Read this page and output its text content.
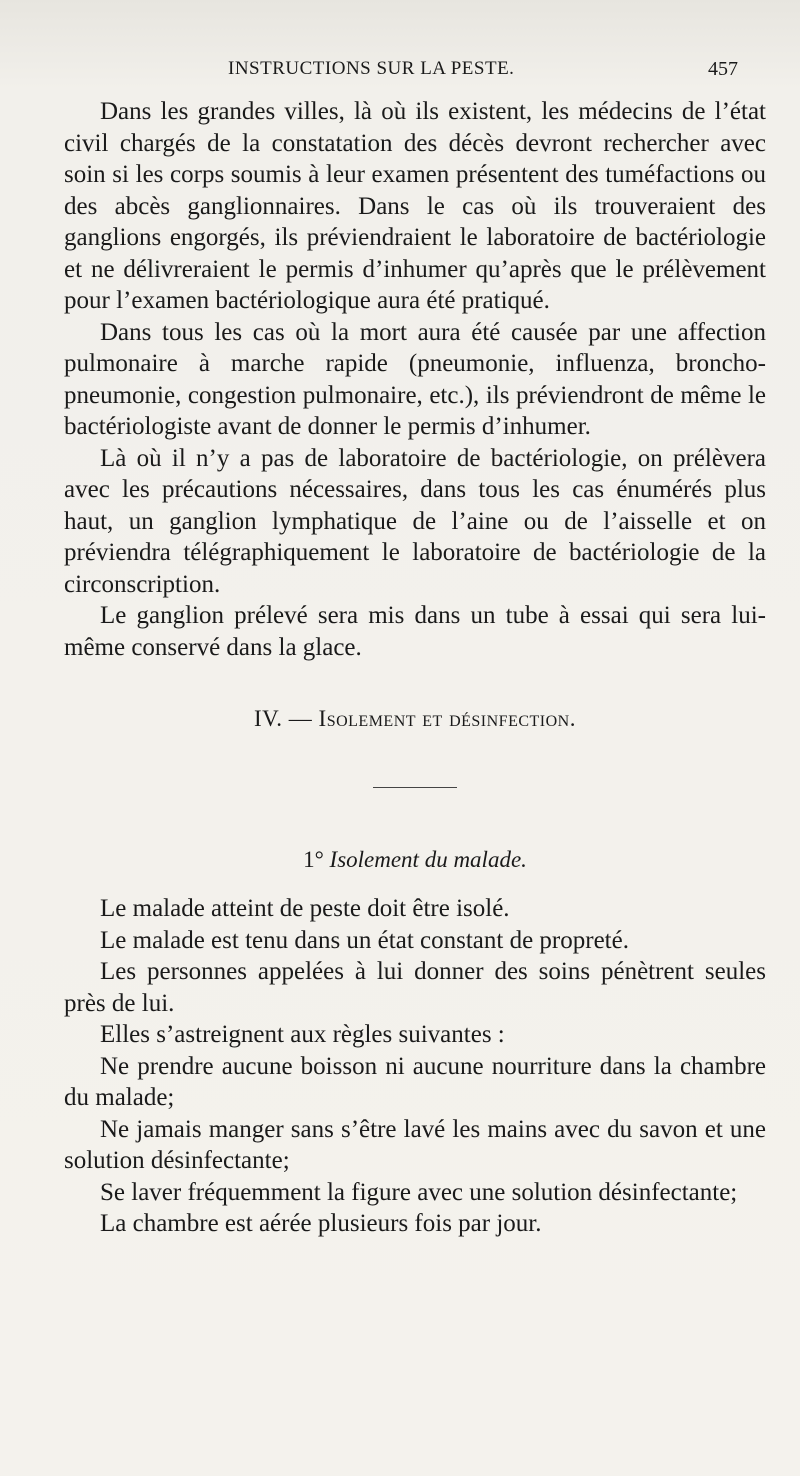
INSTRUCTIONS SUR LA PESTE.	457

Dans les grandes villes, là où ils existent, les médecins de l’état civil chargés de la constatation des décès devront rechercher avec soin si les corps soumis à leur examen présentent des tuméfactions ou des abcès ganglionnaires. Dans le cas où ils trouveraient des ganglions engorgés, ils préviendraient le laboratoire de bactériologie et ne délivreraient le permis d’inhumer qu’après que le prélèvement pour l’examen bactériologique aura été pratiqué.

Dans tous les cas où la mort aura été causée par une affection pulmonaire à marche rapide (pneumonie, influenza, broncho-pneumonie, congestion pulmonaire, etc.), ils préviendront de même le bactériologiste avant de donner le permis d’inhumer.

Là où il n’y a pas de laboratoire de bactériologie, on prélèvera avec les précautions nécessaires, dans tous les cas énumérés plus haut, un ganglion lymphatique de l’aine ou de l’aisselle et on préviendra télégraphiquement le laboratoire de bactériologie de la circonscription.

Le ganglion prélevé sera mis dans un tube à essai qui sera lui-même conservé dans la glace.

IV. — Isolement et désinfection.
1° Isolement du malade.

Le malade atteint de peste doit être isolé.

Le malade est tenu dans un état constant de propreté.

Les personnes appelées à lui donner des soins pénètrent seules près de lui.

Elles s’astreignent aux règles suivantes :

Ne prendre aucune boisson ni aucune nourriture dans la chambre du malade;

Ne jamais manger sans s’être lavé les mains avec du savon et une solution désinfectante;

Se laver fréquemment la figure avec une solution désinfectante;

La chambre est aérée plusieurs fois par jour.
